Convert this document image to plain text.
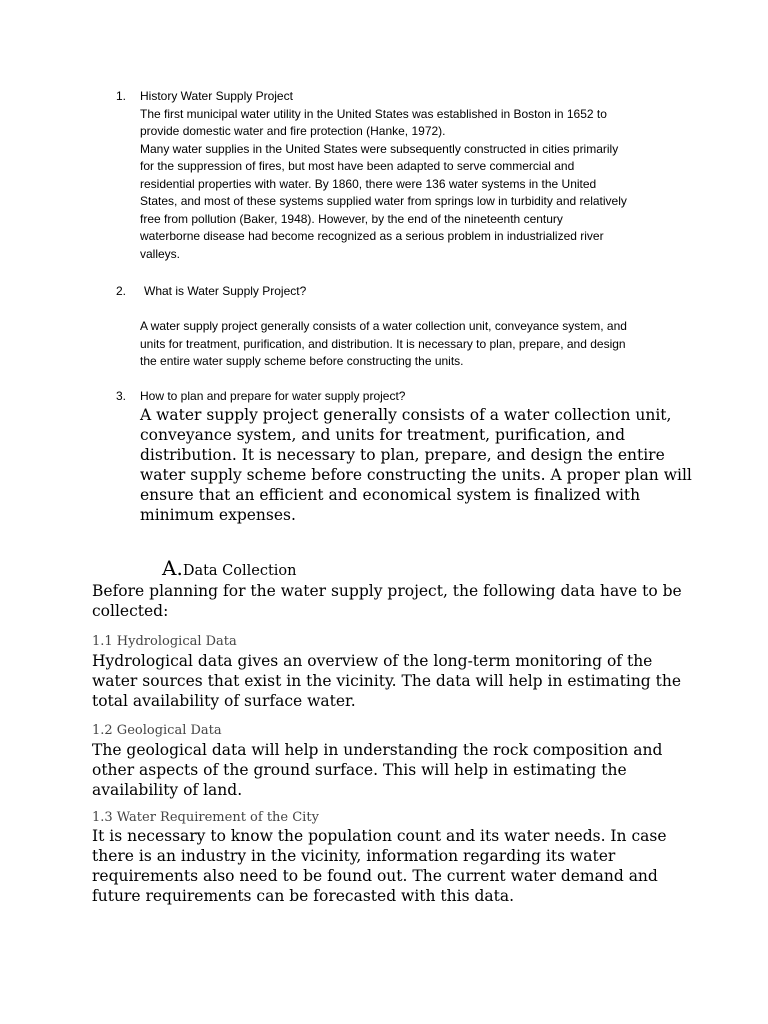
1. History Water Supply Project
The first municipal water utility in the United States was established in Boston in 1652 to
provide domestic water and fire protection (Hanke, 1972).
Many water supplies in the United States were subsequently constructed in cities primarily
for the suppression of fires, but most have been adapted to serve commercial and
residential properties with water. By 1860, there were 136 water systems in the United
States, and most of these systems supplied water from springs low in turbidity and relatively
free from pollution (Baker, 1948). However, by the end of the nineteenth century
waterborne disease had become recognized as a serious problem in industrialized river
valleys.
2. What is Water Supply Project?
A water supply project generally consists of a water collection unit, conveyance system, and
units for treatment, purification, and distribution. It is necessary to plan, prepare, and design
the entire water supply scheme before constructing the units.
3. How to plan and prepare for water supply project?
A water supply project generally consists of a water collection unit,
conveyance system, and units for treatment, purification, and
distribution. It is necessary to plan, prepare, and design the entire
water supply scheme before constructing the units. A proper plan will
ensure that an efficient and economical system is finalized with
minimum expenses.
A.Data Collection
Before planning for the water supply project, the following data have to be
collected:
1.1 Hydrological Data
Hydrological data gives an overview of the long-term monitoring of the
water sources that exist in the vicinity. The data will help in estimating the
total availability of surface water.
1.2 Geological Data
The geological data will help in understanding the rock composition and
other aspects of the ground surface. This will help in estimating the
availability of land.
1.3 Water Requirement of the City
It is necessary to know the population count and its water needs. In case
there is an industry in the vicinity, information regarding its water
requirements also need to be found out. The current water demand and
future requirements can be forecasted with this data.
